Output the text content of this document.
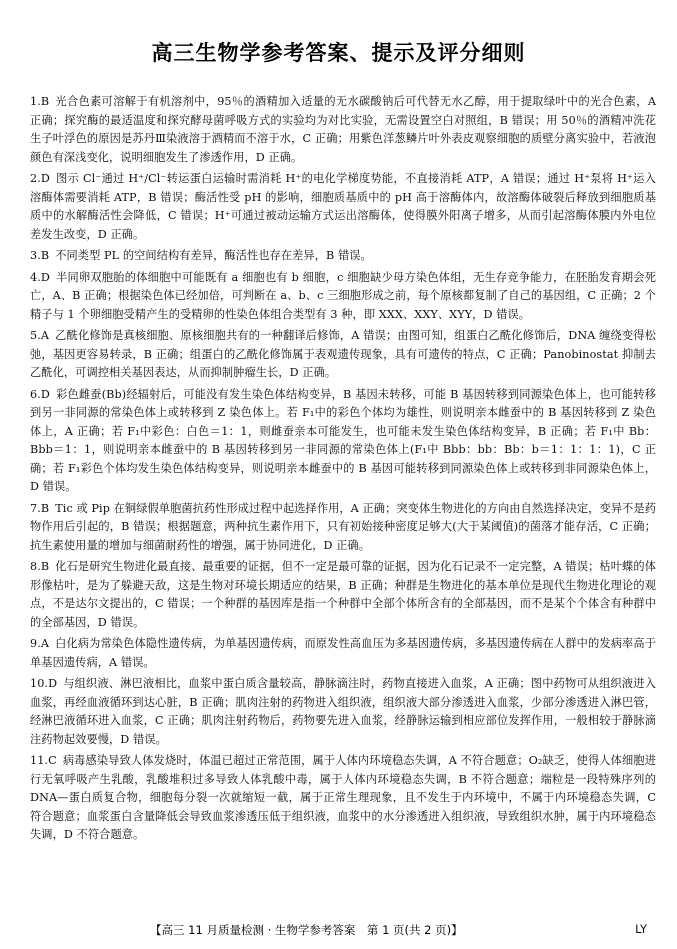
高三生物学参考答案、提示及评分细则

1.B 光合色素可溶解于有机溶剂中，95％的酒精加入适量的无水碳酸钠后可代替无水乙醇，用于提取绿叶中的光合色素，A 正确；探究酶的最适温度和探究酵母菌呼吸方式的实验均为对比实验，无需设置空白对照组，B 错误；用 50％的酒精冲洗花生子叶浮色的原因是苏丹Ⅲ染液溶于酒精而不溶于水，C 正确；用紫色洋葱鳞片叶外表皮观察细胞的质壁分离实验中，若液泡颜色有深浅变化，说明细胞发生了渗透作用，D 正确。

2.D 图示 Cl⁻通过 H⁺/Cl⁻转运蛋白运输时需消耗 H⁺的电化学梯度势能，不直接消耗 ATP，A 错误；通过 H⁺泵将 H⁺运入溶酶体需要消耗 ATP，B 错误；酶活性受 pH 的影响，细胞质基质中的 pH 高于溶酶体内，故溶酶体破裂后释放到细胞质基质中的水解酶活性会降低，C 错误；H⁺可通过被动运输方式运出溶酶体，使得膜外阳离子增多，从而引起溶酶体膜内外电位差发生改变，D 正确。

3.B 不同类型 PL 的空间结构有差异，酶活性也存在差异，B 错误。

4.D 半同卵双胞胎的体细胞中可能既有 a 细胞也有 b 细胞，c 细胞缺少母方染色体组，无生存竞争能力，在胚胎发育期会死亡，A、B 正确；根据染色体已经加倍，可判断在 a、b、c 三细胞形成之前，每个原核都复制了自己的基因组，C 正确；2 个精子与 1 个卵细胞受精产生的受精卵的性染色体组合类型有 3 种，即 XXX、XXY、XYY，D 错误。

5.A 乙酰化修饰是真核细胞、原核细胞共有的一种翻译后修饰，A 错误；由图可知，组蛋白乙酰化修饰后，DNA 缠绕变得松弛，基因更容易转录，B 正确；组蛋白的乙酰化修饰属于表观遗传现象，具有可遗传的特点，C 正确；Panobinostat 抑制去乙酰化，可调控相关基因表达，从而抑制肿瘤生长，D 正确。

6.D 彩色雌蚕(Bb)经辐射后，可能没有发生染色体结构变异，B 基因未转移，可能 B 基因转移到同源染色体上，也可能转移到另一非同源的常染色体上或转移到 Z 染色体上。若 F₁中的彩色个体均为雄性，则说明亲本雌蚕中的 B 基因转移到 Z 染色体上，A 正确；若 F₁中彩色：白色＝1：1，则雌蚕亲本可能发生，也可能未发生染色体结构变异，B 正确；若 F₁中 Bb：Bbb＝1：1，则说明亲本雌蚕中的 B 基因转移到另一非同源的常染色体上(F₁中 Bbb：bb：Bb：b＝1：1：1：1)，C 正确；若 F₁彩色个体均发生染色体结构变异，则说明亲本雌蚕中的 B 基因可能转移到同源染色体上或转移到非同源染色体上，D 错误。

7.B Tic 或 Pip 在铜绿假单胞菌抗药性形成过程中起选择作用，A 正确；突变体生物进化的方向由自然选择决定，变异不是药物作用后引起的，B 错误；根据题意，两种抗生素作用下，只有初始接种密度足够大(大于某阈值)的菌落才能存活，C 正确；抗生素使用量的增加与细菌耐药性的增强，属于协同进化，D 正确。

8.B 化石是研究生物进化最直接、最重要的证据，但不一定是最可靠的证据，因为化石记录不一定完整，A 错误；枯叶蝶的体形像枯叶，是为了躲避天敌，这是生物对环境长期适应的结果，B 正确；种群是生物进化的基本单位是现代生物进化理论的观点，不是达尔文提出的，C 错误；一个种群的基因库是指一个种群中全部个体所含有的全部基因，而不是某个个体含有种群中的全部基因，D 错误。

9.A 白化病为常染色体隐性遗传病，为单基因遗传病，而原发性高血压为多基因遗传病，多基因遗传病在人群中的发病率高于单基因遗传病，A 错误。

10.D 与组织液、淋巴液相比，血浆中蛋白质含量较高，静脉滴注时，药物直接进入血浆，A 正确；图中药物可从组织液进入血浆，再经血液循环到达心脏，B 正确；肌肉注射的药物进入组织液，组织液大部分渗透进入血浆，少部分渗透进入淋巴管，经淋巴液循环进入血浆，C 正确；肌肉注射药物后，药物要先进入血浆，经静脉运输到相应部位发挥作用，一般相较于静脉滴注药物起效要慢，D 错误。

11.C 病毒感染导致人体发烧时，体温已超过正常范围，属于人体内环境稳态失调，A 不符合题意；O₂缺乏，使得人体细胞进行无氧呼吸产生乳酸，乳酸堆积过多导致人体乳酸中毒，属于人体内环境稳态失调，B 不符合题意；端粒是一段特殊序列的 DNA—蛋白质复合物，细胞每分裂一次就缩短一截，属于正常生理现象，且不发生于内环境中，不属于内环境稳态失调，C 符合题意；血浆蛋白含量降低会导致血浆渗透压低于组织液，血浆中的水分渗透进入组织液，导致组织水肿，属于内环境稳态失调，D 不符合题意。

【高三 11 月质量检测 · 生物学参考答案　第 1 页(共 2 页)】	LY
